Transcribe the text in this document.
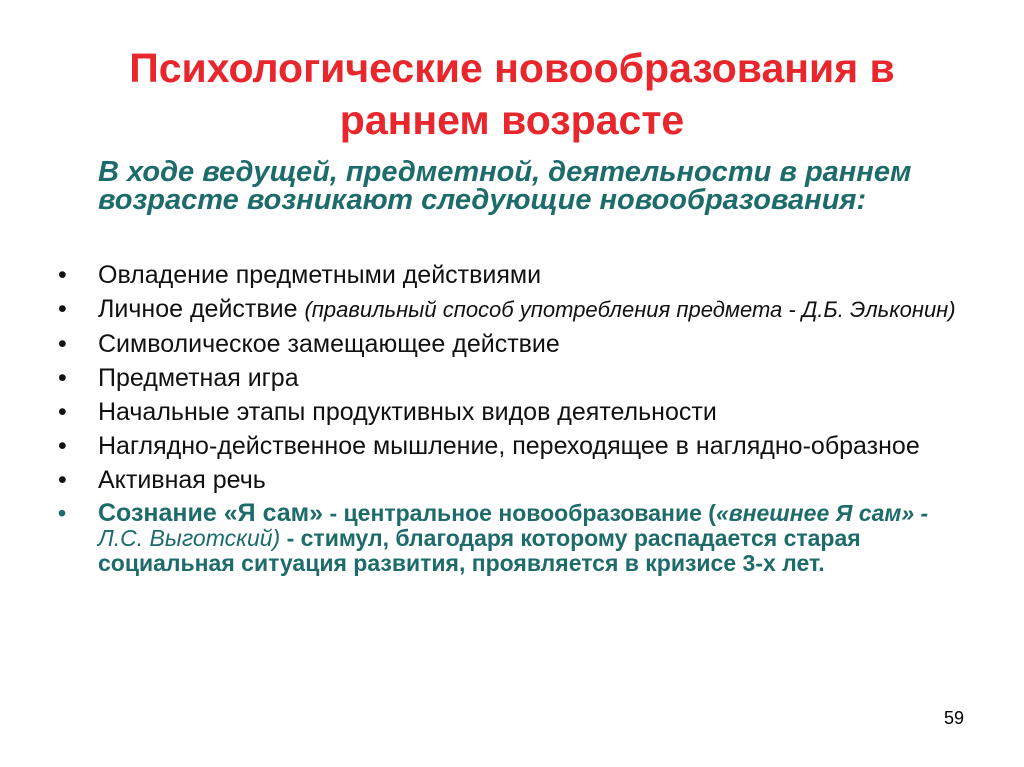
Психологические новообразования в
раннем возрасте
В ходе ведущей, предметной, деятельности в раннем возрасте возникают следующие новообразования:
•	Овладение предметными действиями
•	Личное действие (правильный способ употребления предмета - Д.Б. Эльконин)
•	Символическое замещающее действие
•	Предметная игра
•	Начальные этапы продуктивных видов деятельности
•	Наглядно-действенное мышление, переходящее в наглядно-образное
•	Активная речь
•	Сознание «Я сам» - центральное новообразование («внешнее Я сам» - Л.С. Выготский) - стимул, благодаря которому распадается старая социальная ситуация развития, проявляется в кризисе 3-х лет.
59
